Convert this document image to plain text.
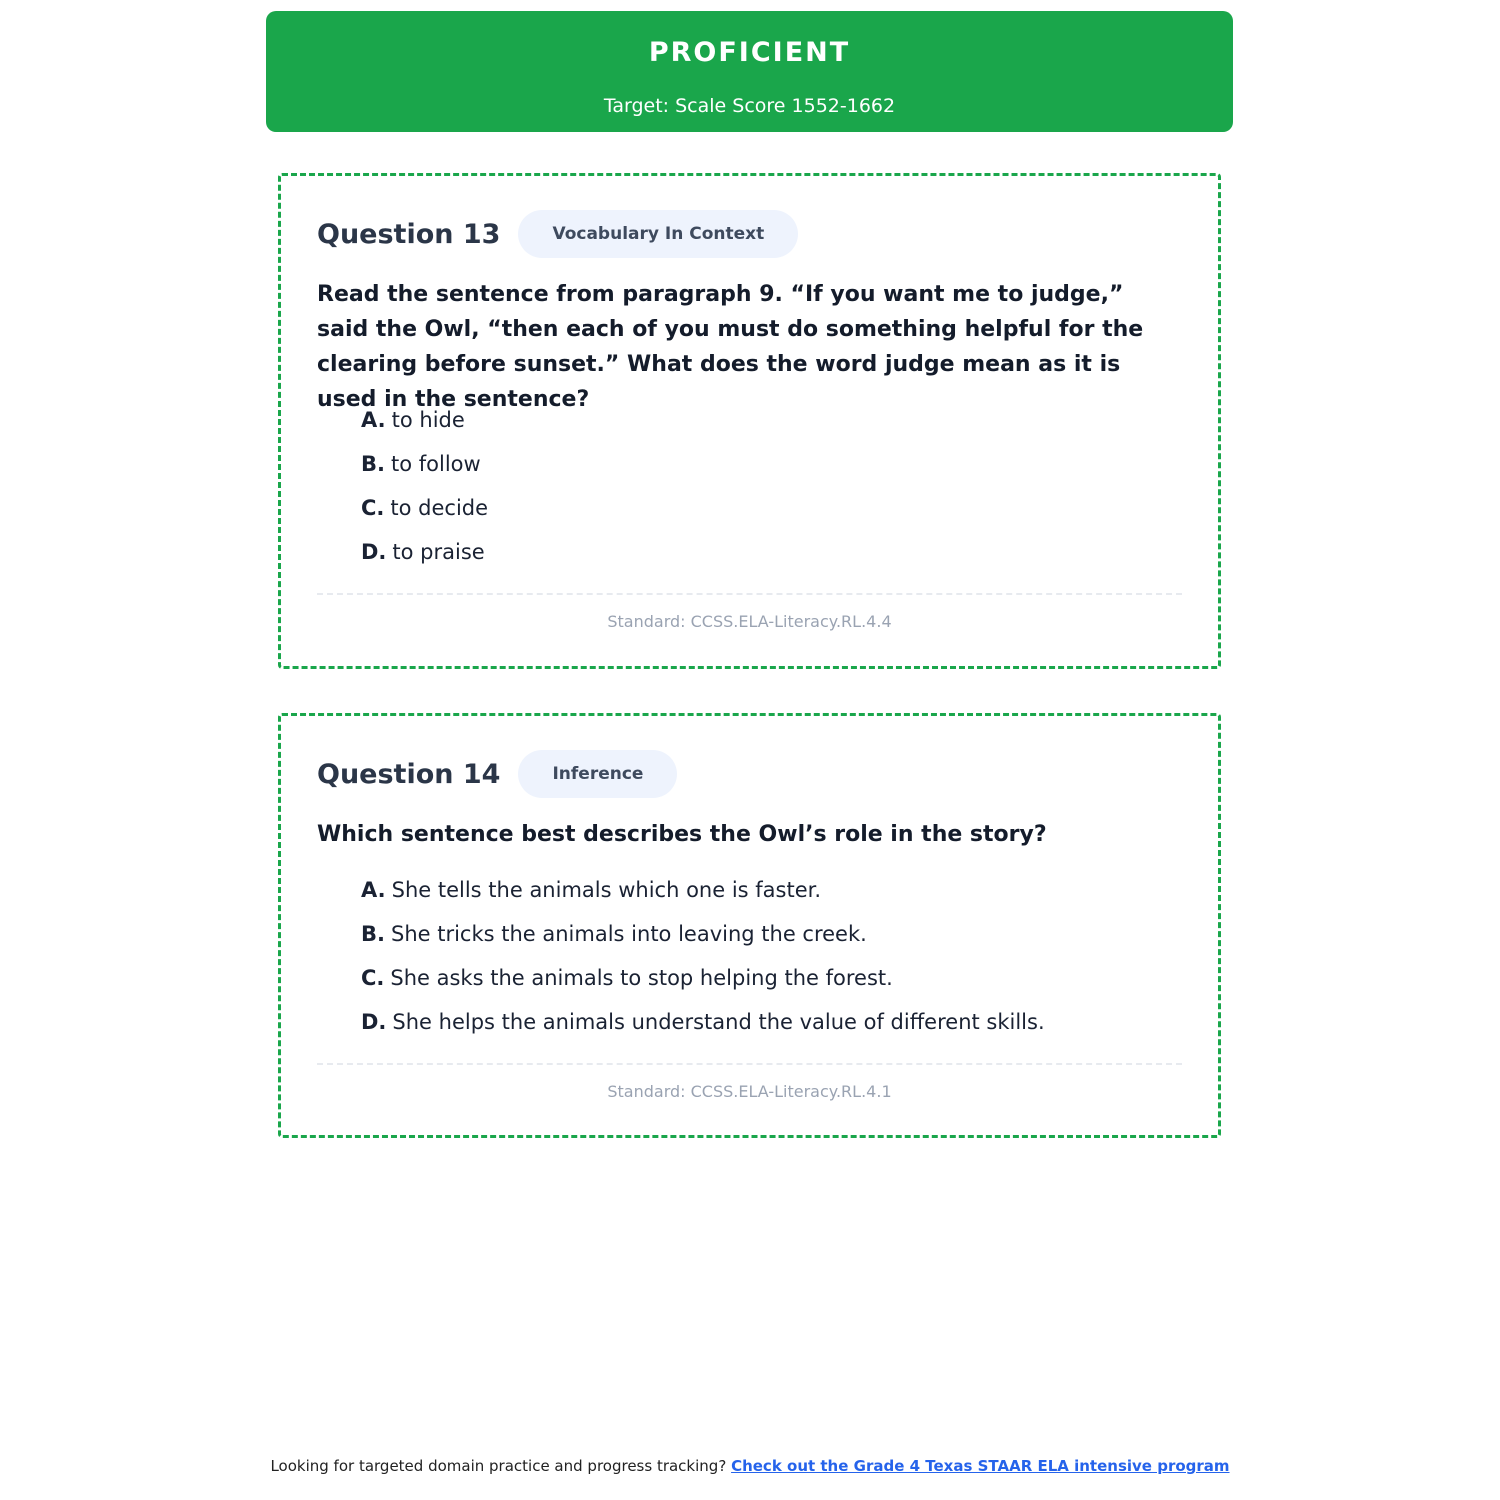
PROFICIENT
Target: Scale Score 1552-1662
Question 13	Vocabulary In Context
Read the sentence from paragraph 9. “If you want me to judge,” said the Owl, “then each of you must do something helpful for the clearing before sunset.” What does the word judge mean as it is used in the sentence?
A. to hide
B. to follow
C. to decide
D. to praise
Standard: CCSS.ELA-Literacy.RL.4.4
Question 14	Inference
Which sentence best describes the Owl’s role in the story?
A. She tells the animals which one is faster.
B. She tricks the animals into leaving the creek.
C. She asks the animals to stop helping the forest.
D. She helps the animals understand the value of different skills.
Standard: CCSS.ELA-Literacy.RL.4.1
Looking for targeted domain practice and progress tracking? Check out the Grade 4 Texas STAAR ELA intensive program
